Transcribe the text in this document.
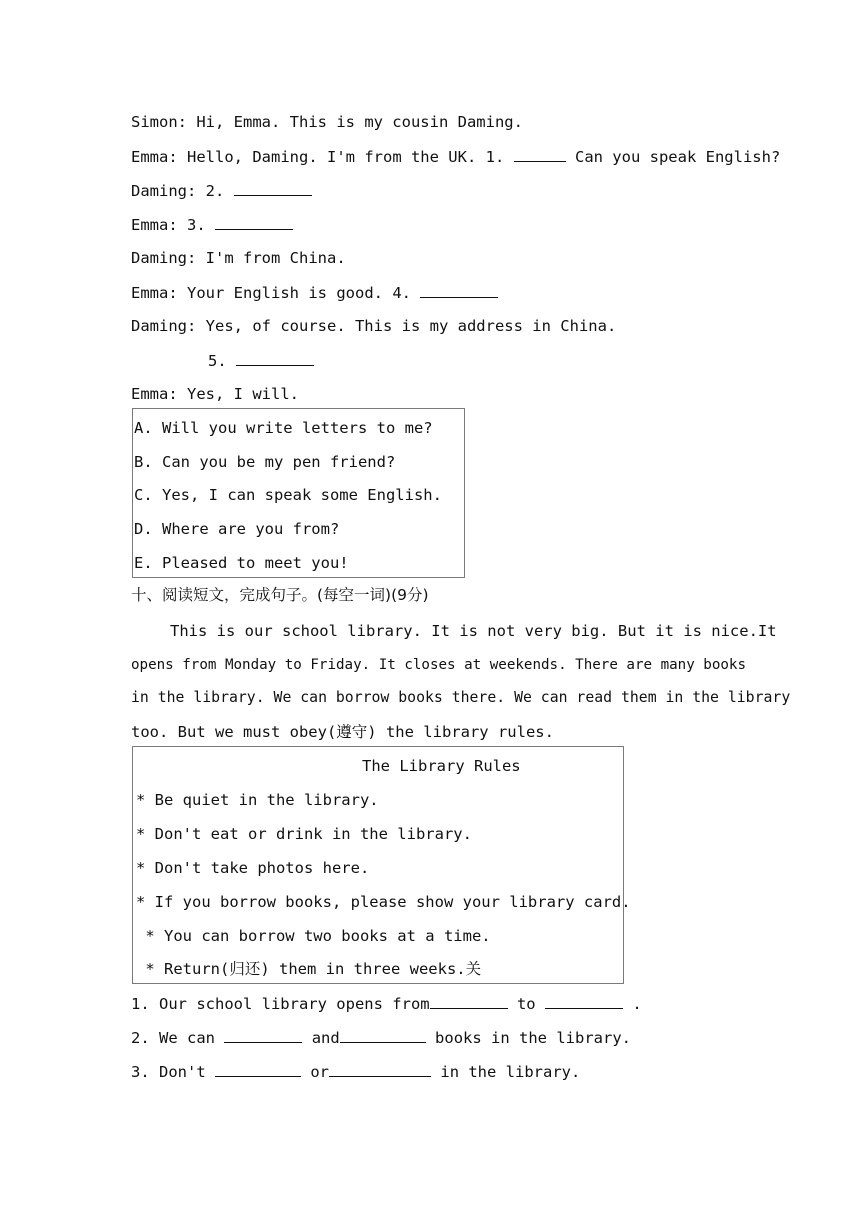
Simon: Hi, Emma. This is my cousin Daming.
Emma: Hello, Daming. I'm from the UK. 1.	Can you speak English?
Daming: 2.
Emma: 3.
Daming: I'm from China.
Emma: Your English is good. 4.
Daming: Yes, of course. This is my address in China.
5.
Emma: Yes, I will.
A. Will you write letters to me?
B. Can you be my pen friend?
C. Yes, I can speak some English.
D. Where are you from?
E. Pleased to meet you!
十、阅读短文，完成句子。(每空一词)(9分)
This is our school library. It is not very big. But it is nice.It
opens from Monday to Friday. It closes at weekends. There are many books
in the library. We can borrow books there. We can read them in the library
too. But we must obey(遵守) the library rules.
The Library Rules
* Be quiet in the library.
* Don't eat or drink in the library.
* Don't take photos here.
* If you borrow books, please show your library card.
* You can borrow two books at a time.
* Return(归还) them in three weeks.关
1. Our school library opens from	to	.
2. We can	and	books in the library.
3. Don't	or	in the library.
